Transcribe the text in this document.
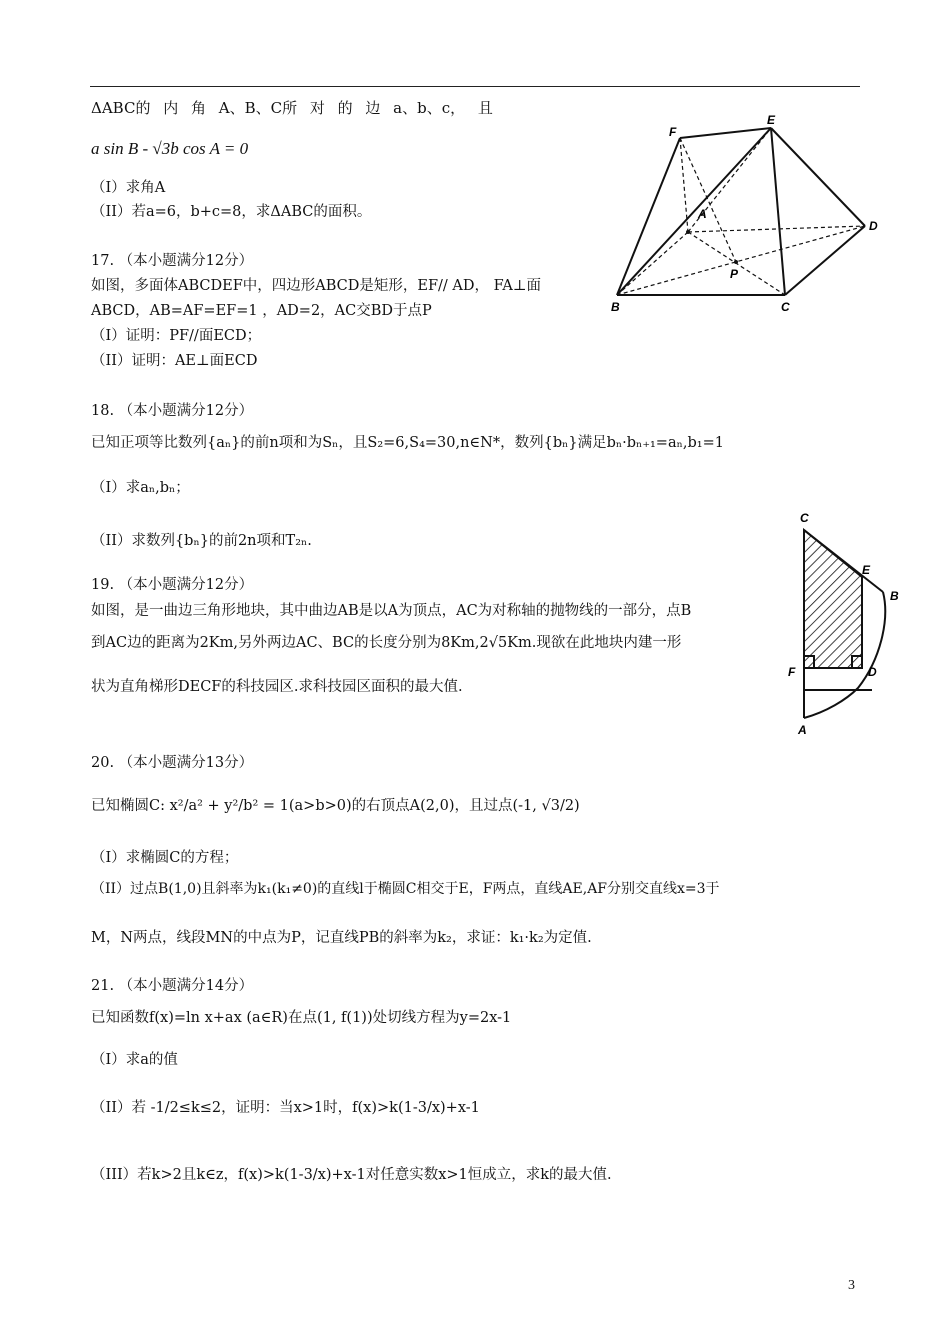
ΔABC的 内 角 A、B、C所 对 的 边 a、b、c， 且
a sin B - √3b cos A = 0
（I）求角A
（II）若a=6，b+c=8，求ΔABC的面积。
F
E
A
D
P
B	C
17. （本小题满分12分）
如图，多面体ABCDEF中，四边形ABCD是矩形，EF// AD， FA⊥面
ABCD，AB=AF=EF=1 ，AD=2，AC交BD于点P
（I）证明：PF//面ECD；
（II）证明：AE⊥面ECD
18. （本小题满分12分）
已知正项等比数列{aₙ}的前n项和为Sₙ，且S₂=6,S₄=30,n∈N*，数列{bₙ}满足bₙ·bₙ₊₁=aₙ,b₁=1
（I）求aₙ,bₙ；
（II）求数列{bₙ}的前2n项和T₂ₙ.
C
E
B
F	D
A
19. （本小题满分12分）
如图，是一曲边三角形地块，其中曲边AB是以A为顶点，AC为对称轴的抛物线的一部分，点B
到AC边的距离为2Km,另外两边AC、BC的长度分别为8Km,2√5Km.现欲在此地块内建一形
状为直角梯形DECF的科技园区.求科技园区面积的最大值.
20. （本小题满分13分）
已知椭圆C: x²/a² + y²/b² = 1(a>b>0)的右顶点A(2,0)，且过点(-1, √3/2)
（I）求椭圆C的方程；
（II）过点B(1,0)且斜率为k₁(k₁≠0)的直线l于椭圆C相交于E，F两点，直线AE,AF分别交直线x=3于
M，N两点，线段MN的中点为P，记直线PB的斜率为k₂，求证：k₁·k₂为定值.
21. （本小题满分14分）
已知函数f(x)=ln x+ax (a∈R)在点(1, f(1))处切线方程为y=2x-1
（I）求a的值
（II）若 -1/2≤k≤2，证明：当x>1时，f(x)>k(1-3/x)+x-1
（III）若k>2且k∈z，f(x)>k(1-3/x)+x-1对任意实数x>1恒成立，求k的最大值.
3
